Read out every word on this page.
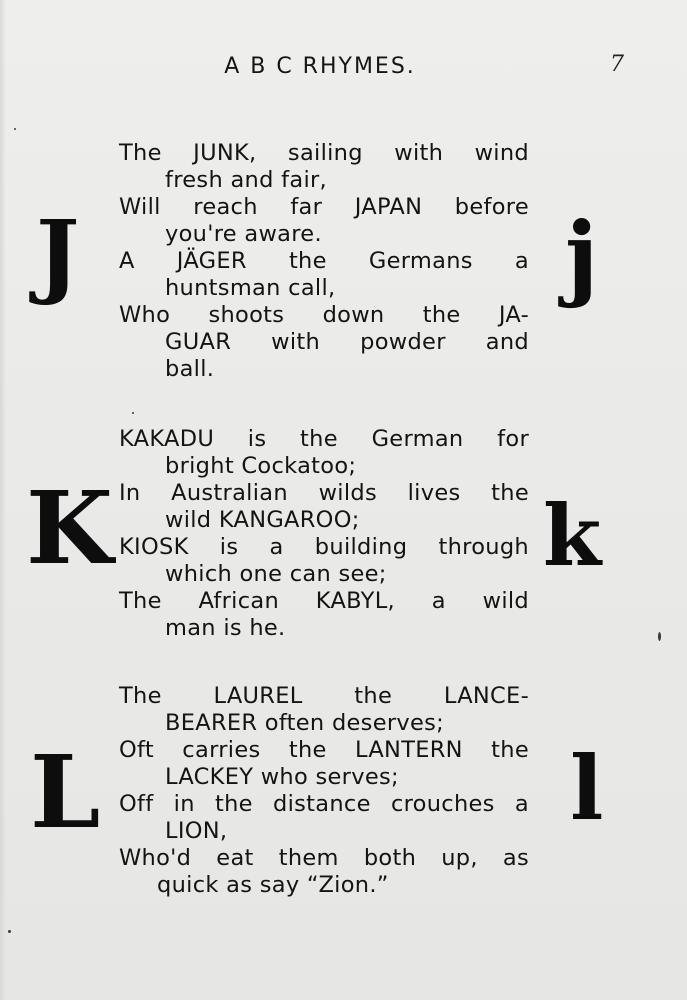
A B C RHYMES.	7
J	j
The JUNK, sailing with wind
fresh and fair,
Will reach far JAPAN before
you're aware.
A JÄGER the Germans a
huntsman call,
Who shoots down the JA-
GUAR with powder and
ball.
K	k
KAKADU is the German for
bright Cockatoo;
In Australian wilds lives the
wild KANGAROO;
KIOSK is a building through
which one can see;
The African KABYL, a wild
man is he.
L	l
The LAUREL the LANCE-
BEARER often deserves;
Oft carries the LANTERN the
LACKEY who serves;
Off in the distance crouches a
LION,
Who'd eat them both up, as
quick as say “Zion.”
